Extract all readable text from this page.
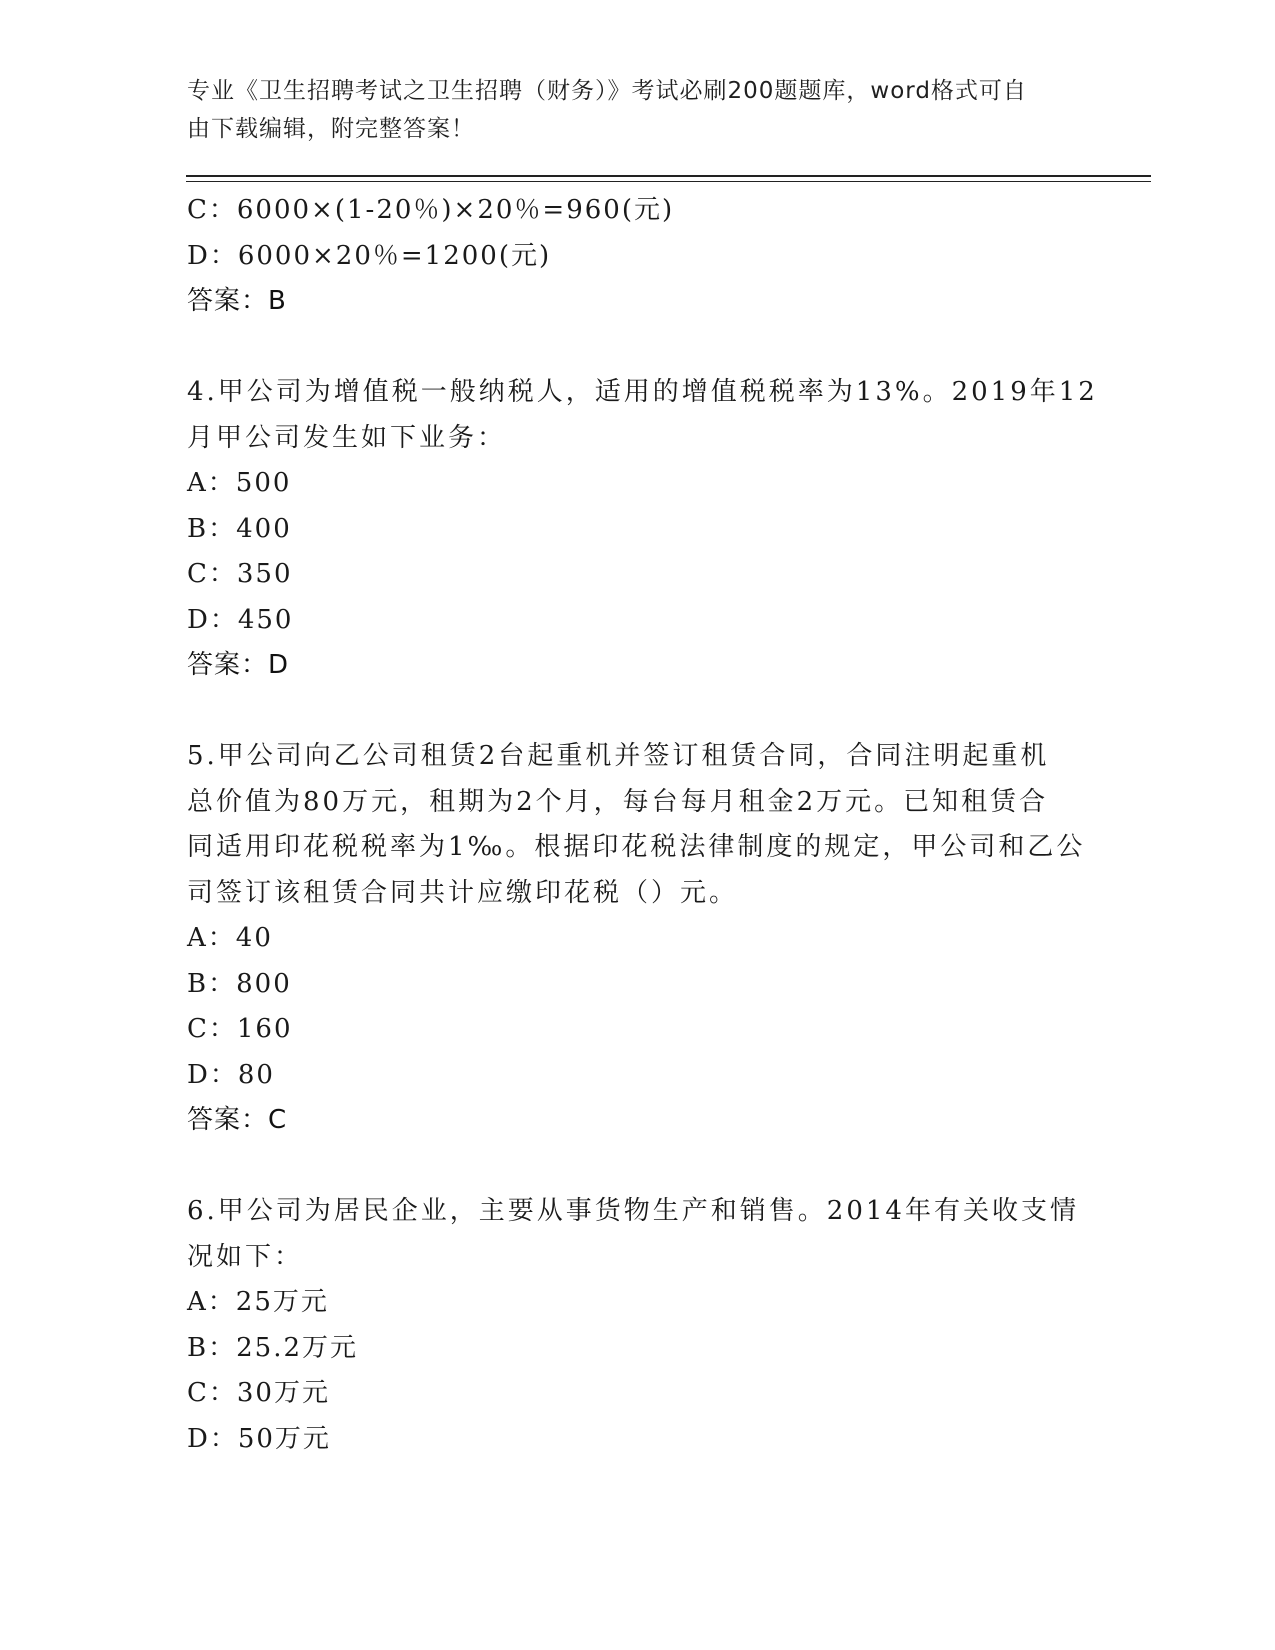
专业《卫生招聘考试之卫生招聘（财务）》考试必刷200题题库，word格式可自
由下载编辑，附完整答案！
C：6000×(1-20％)×20％=960(元)
D：6000×20％=1200(元)
答案：B
4.甲公司为增值税一般纳税人，适用的增值税税率为13%。2019年12
月甲公司发生如下业务：
A：500
B：400
C：350
D：450
答案：D
5.甲公司向乙公司租赁2台起重机并签订租赁合同，合同注明起重机
总价值为80万元，租期为2个月，每台每月租金2万元。已知租赁合
同适用印花税税率为1‰。根据印花税法律制度的规定，甲公司和乙公
司签订该租赁合同共计应缴印花税（）元。
A：40
B：800
C：160
D：80
答案：C
6.甲公司为居民企业，主要从事货物生产和销售。2014年有关收支情
况如下：
A：25万元
B：25.2万元
C：30万元
D：50万元
